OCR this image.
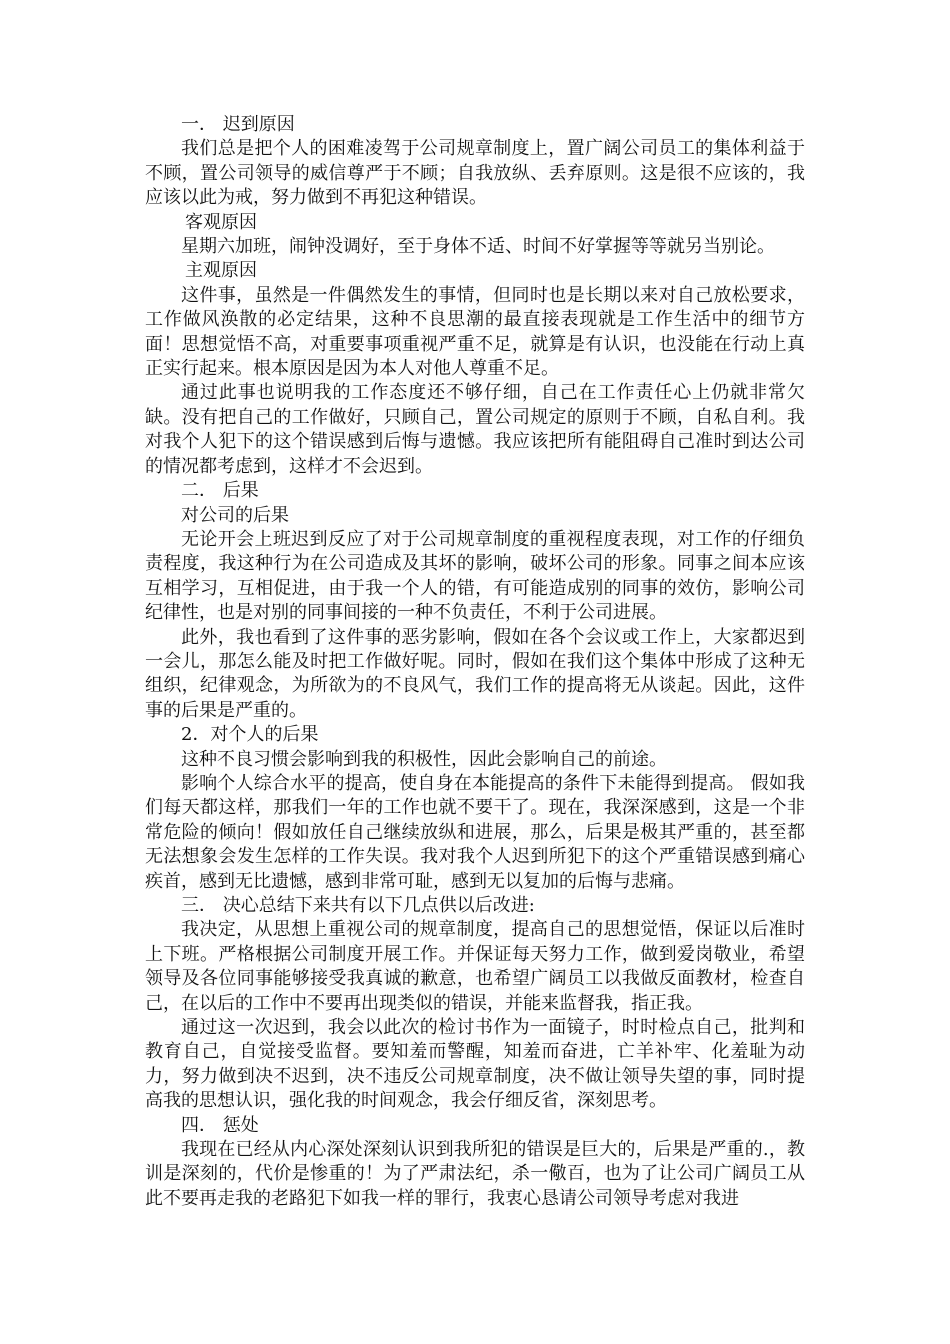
一． 迟到原因

我们总是把个人的困难凌驾于公司规章制度上，置广阔公司员工的集体利益于不顾，置公司领导的威信尊严于不顾；自我放纵、丢弃原则。这是很不应该的，我应该以此为戒，努力做到不再犯这种错误。

客观原因

星期六加班，闹钟没调好，至于身体不适、时间不好掌握等等就另当别论。

主观原因

这件事，虽然是一件偶然发生的事情，但同时也是长期以来对自己放松要求，工作做风涣散的必定结果，这种不良思潮的最直接表现就是工作生活中的细节方面！思想觉悟不高，对重要事项重视严重不足，就算是有认识，也没能在行动上真正实行起来。根本原因是因为本人对他人尊重不足。

通过此事也说明我的工作态度还不够仔细，自己在工作责任心上仍就非常欠缺。没有把自己的工作做好，只顾自己，置公司规定的原则于不顾，自私自利。我对我个人犯下的这个错误感到后悔与遗憾。我应该把所有能阻碍自己准时到达公司的情况都考虑到，这样才不会迟到。

二． 后果

对公司的后果

无论开会上班迟到反应了对于公司规章制度的重视程度表现，对工作的仔细负责程度，我这种行为在公司造成及其坏的影响，破坏公司的形象。同事之间本应该互相学习，互相促进，由于我一个人的错，有可能造成别的同事的效仿，影响公司纪律性，也是对别的同事间接的一种不负责任，不利于公司进展。

此外，我也看到了这件事的恶劣影响，假如在各个会议或工作上，大家都迟到一会儿，那怎么能及时把工作做好呢。同时，假如在我们这个集体中形成了这种无组织，纪律观念，为所欲为的不良风气，我们工作的提高将无从谈起。因此，这件事的后果是严重的。

2．对个人的后果

这种不良习惯会影响到我的积极性，因此会影响自己的前途。

影响个人综合水平的提高，使自身在本能提高的条件下未能得到提高。 假如我们每天都这样，那我们一年的工作也就不要干了。现在，我深深感到，这是一个非常危险的倾向！假如放任自己继续放纵和进展，那么，后果是极其严重的，甚至都无法想象会发生怎样的工作失误。我对我个人迟到所犯下的这个严重错误感到痛心疾首，感到无比遗憾，感到非常可耻，感到无以复加的后悔与悲痛。

三． 决心总结下来共有以下几点供以后改进:

我决定，从思想上重视公司的规章制度，提高自己的思想觉悟，保证以后准时上下班。严格根据公司制度开展工作。并保证每天努力工作，做到爱岗敬业，希望领导及各位同事能够接受我真诚的歉意，也希望广阔员工以我做反面教材，检查自己，在以后的工作中不要再出现类似的错误，并能来监督我，指正我。

通过这一次迟到，我会以此次的检讨书作为一面镜子，时时检点自己，批判和教育自己，自觉接受监督。要知羞而警醒，知羞而奋进，亡羊补牢、化羞耻为动力，努力做到决不迟到，决不违反公司规章制度，决不做让领导失望的事，同时提高我的思想认识，强化我的时间观念，我会仔细反省，深刻思考。

四． 惩处

我现在已经从内心深处深刻认识到我所犯的错误是巨大的，后果是严重的.，教训是深刻的，代价是惨重的！为了严肃法纪，杀一儆百，也为了让公司广阔员工从此不要再走我的老路犯下如我一样的罪行，我衷心恳请公司领导考虑对我进
